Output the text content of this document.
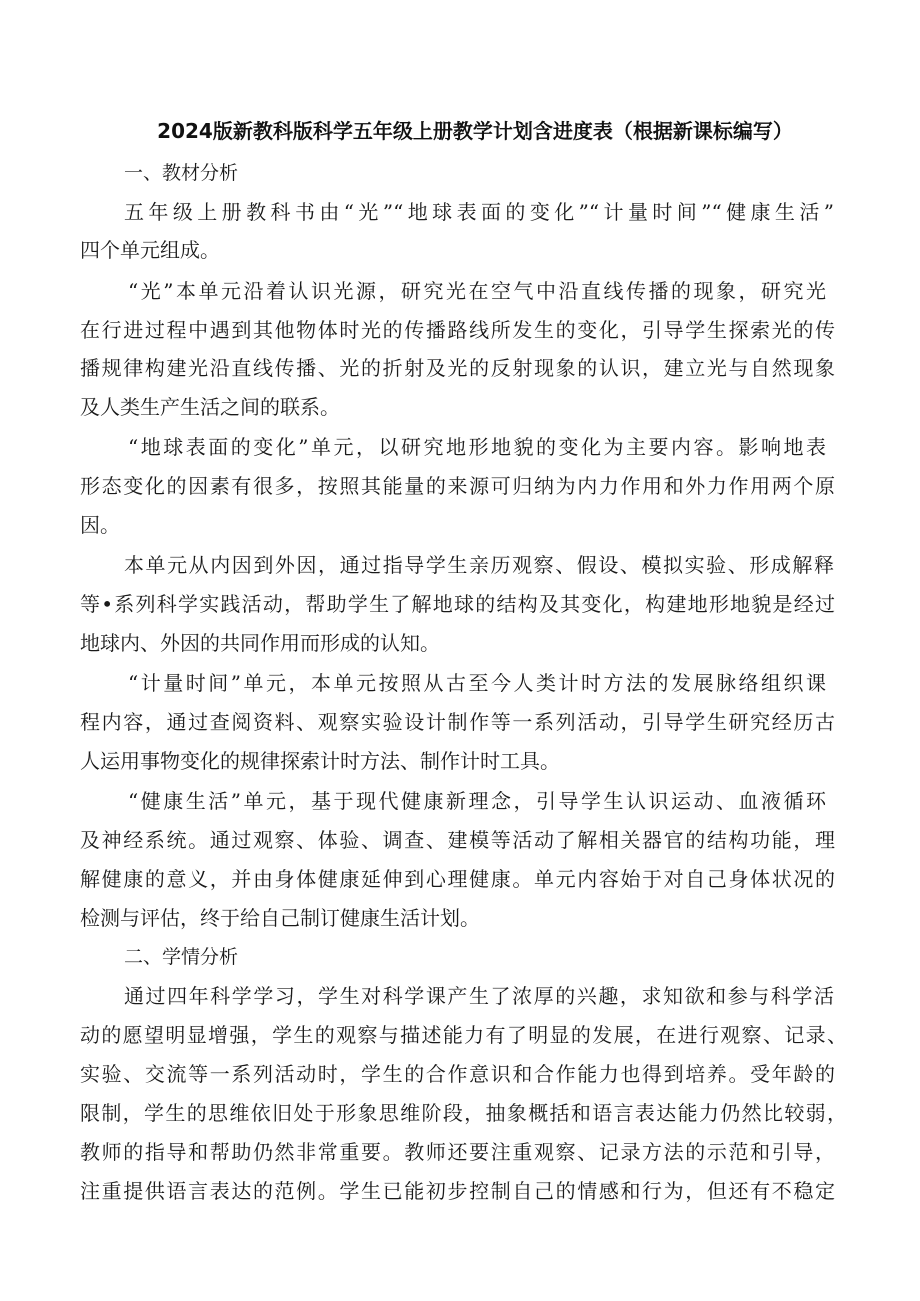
2024版新教科版科学五年级上册教学计划含进度表（根据新课标编写）
一、教材分析
五年级上册教科书由“光”“地球表面的变化”“计量时间”“健康生活”
四个单元组成。
“光”本单元沿着认识光源，研究光在空气中沿直线传播的现象，研究光
在行进过程中遇到其他物体时光的传播路线所发生的变化，引导学生探索光的传
播规律构建光沿直线传播、光的折射及光的反射现象的认识，建立光与自然现象
及人类生产生活之间的联系。
“地球表面的变化”单元，以研究地形地貌的变化为主要内容。影响地表
形态变化的因素有很多，按照其能量的来源可归纳为内力作用和外力作用两个原
因。
本单元从内因到外因，通过指导学生亲历观察、假设、模拟实验、形成解释
等•系列科学实践活动，帮助学生了解地球的结构及其变化，构建地形地貌是经过
地球内、外因的共同作用而形成的认知。
“计量时间”单元，本单元按照从古至今人类计时方法的发展脉络组织课
程内容，通过查阅资料、观察实验设计制作等一系列活动，引导学生研究经历古
人运用事物变化的规律探索计时方法、制作计时工具。
“健康生活”单元，基于现代健康新理念，引导学生认识运动、血液循环
及神经系统。通过观察、体验、调查、建模等活动了解相关器官的结构功能，理
解健康的意义，并由身体健康延伸到心理健康。单元内容始于对自己身体状况的
检测与评估，终于给自己制订健康生活计划。
二、学情分析
通过四年科学学习，学生对科学课产生了浓厚的兴趣，求知欲和参与科学活
动的愿望明显增强，学生的观察与描述能力有了明显的发展，在进行观察、记录、
实验、交流等一系列活动时，学生的合作意识和合作能力也得到培养。受年龄的
限制，学生的思维依旧处于形象思维阶段，抽象概括和语言表达能力仍然比较弱，
教师的指导和帮助仍然非常重要。教师还要注重观察、记录方法的示范和引导，
注重提供语言表达的范例。学生已能初步控制自己的情感和行为，但还有不稳定
